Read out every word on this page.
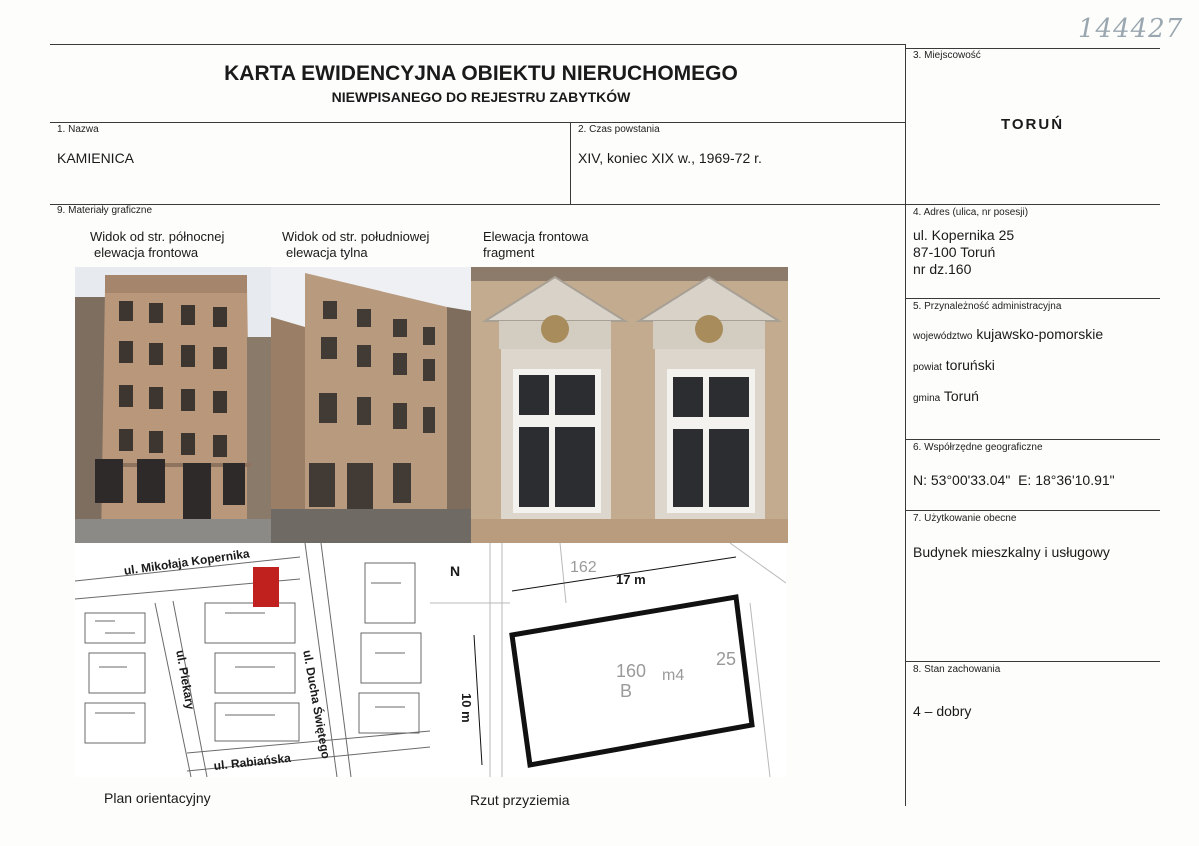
144427
KARTA EWIDENCYJNA OBIEKTU NIERUCHOMEGO
NIEWPISANEGO DO REJESTRU ZABYTKÓW
1. Nazwa
KAMIENICA
2. Czas powstania
XIV, koniec XIX w., 1969-72 r.
3. Miejscowość
TORUŃ
4. Adres (ulica, nr posesji)
ul. Kopernika 25
87-100 Toruń
nr dz.160
5. Przynależność administracyjna
województwo kujawsko-pomorskie
powiat toruński
gmina Toruń
6. Współrzędne geograficzne
N: 53°00'33.04"  E: 18°36'10.91"
7. Użytkowanie obecne
Budynek mieszkalny i usługowy
8. Stan zachowania
4 – dobry
9. Materiały graficzne
Widok od str. północnej
elewacja frontowa
Widok od str. południowej
elewacja tylna
Elewacja frontowa
fragment
ul. Mikołaja Kopernika
ul. Ducha Świętego
ul. Piekary
ul. Rabiańska
17 m
10 m
160
B
m4
25
162
N
Plan orientacyjny	Rzut przyziemia
